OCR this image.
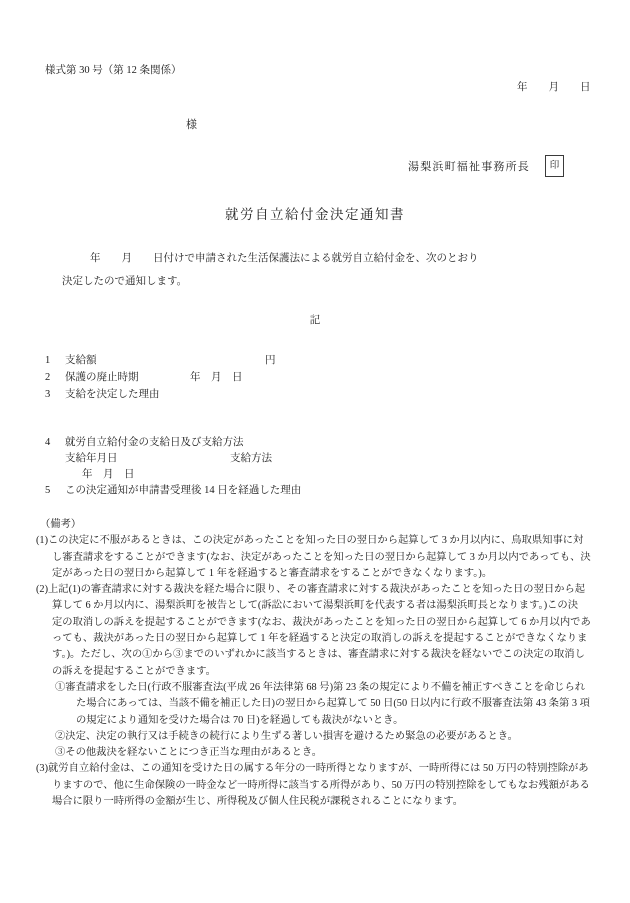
様式第 30 号（第 12 条関係）
年　　月　　日
様
湯梨浜町福祉事務所長	印
就労自立給付金決定通知書
年　　月　　日付けで申請された生活保護法による就労自立給付金を、次のとおり
決定したので通知します。
記
1 支給額	円
2 保護の廃止時期	年　月　日
3 支給を決定した理由
4 就労自立給付金の支給日及び支給方法
支給年月日	支給方法
年　月　日
5 この決定通知が申請書受理後 14 日を経過した理由
（備考）
(1)この決定に不服があるときは、この決定があったことを知った日の翌日から起算して 3 か月以内に、鳥取県知事に対
し審査請求をすることができます(なお、決定があったことを知った日の翌日から起算して 3 か月以内であっても、決
定があった日の翌日から起算して 1 年を経過すると審査請求をすることができなくなります。)。
(2)上記(1)の審査請求に対する裁決を経た場合に限り、その審査請求に対する裁決があったことを知った日の翌日から起
算して 6 か月以内に、湯梨浜町を被告として(訴訟において湯梨浜町を代表する者は湯梨浜町長となります。)この決
定の取消しの訴えを提起することができます(なお、裁決があったことを知った日の翌日から起算して 6 か月以内であ
っても、裁決があった日の翌日から起算して 1 年を経過すると決定の取消しの訴えを提起することができなくなりま
す。)。ただし、次の①から③までのいずれかに該当するときは、審査請求に対する裁決を経ないでこの決定の取消し
の訴えを提起することができます。
①審査請求をした日(行政不服審査法(平成 26 年法律第 68 号)第 23 条の規定により不備を補正すべきことを命じられ
た場合にあっては、当該不備を補正した日)の翌日から起算して 50 日(50 日以内に行政不服審査法第 43 条第 3 項
の規定により通知を受けた場合は 70 日)を経過しても裁決がないとき。
②決定、決定の執行又は手続きの続行により生ずる著しい損害を避けるため緊急の必要があるとき。
③その他裁決を経ないことにつき正当な理由があるとき。
(3)就労自立給付金は、この通知を受けた日の属する年分の一時所得となりますが、一時所得には 50 万円の特別控除があ
りますので、他に生命保険の一時金など一時所得に該当する所得があり、50 万円の特別控除をしてもなお残額がある
場合に限り一時所得の金額が生じ、所得税及び個人住民税が課税されることになります。
